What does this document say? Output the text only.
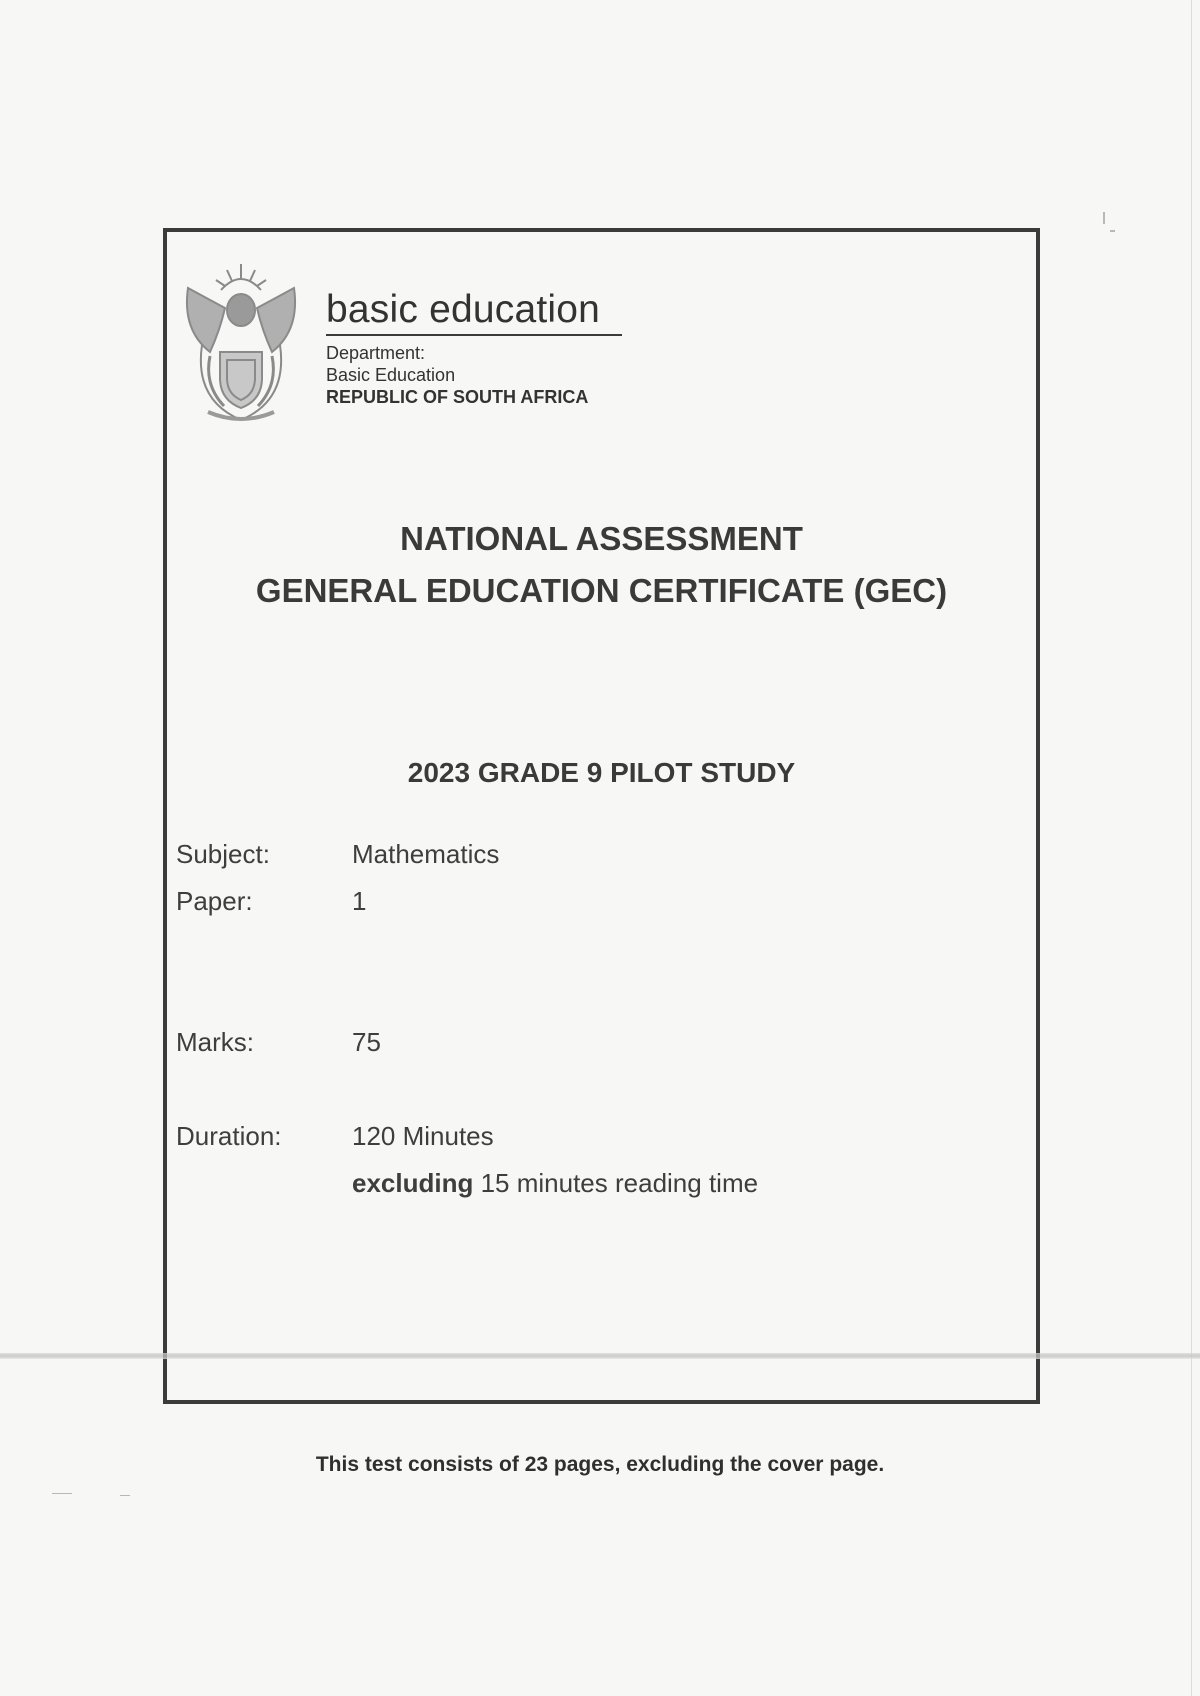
basic education
Department:
Basic Education
REPUBLIC OF SOUTH AFRICA
NATIONAL ASSESSMENT
GENERAL EDUCATION CERTIFICATE (GEC)
2023 GRADE 9 PILOT STUDY
Subject:	Mathematics
Paper:	1
Marks:	75
Duration:	120 Minutes
excluding 15 minutes reading time
This test consists of 23 pages, excluding the cover page.
